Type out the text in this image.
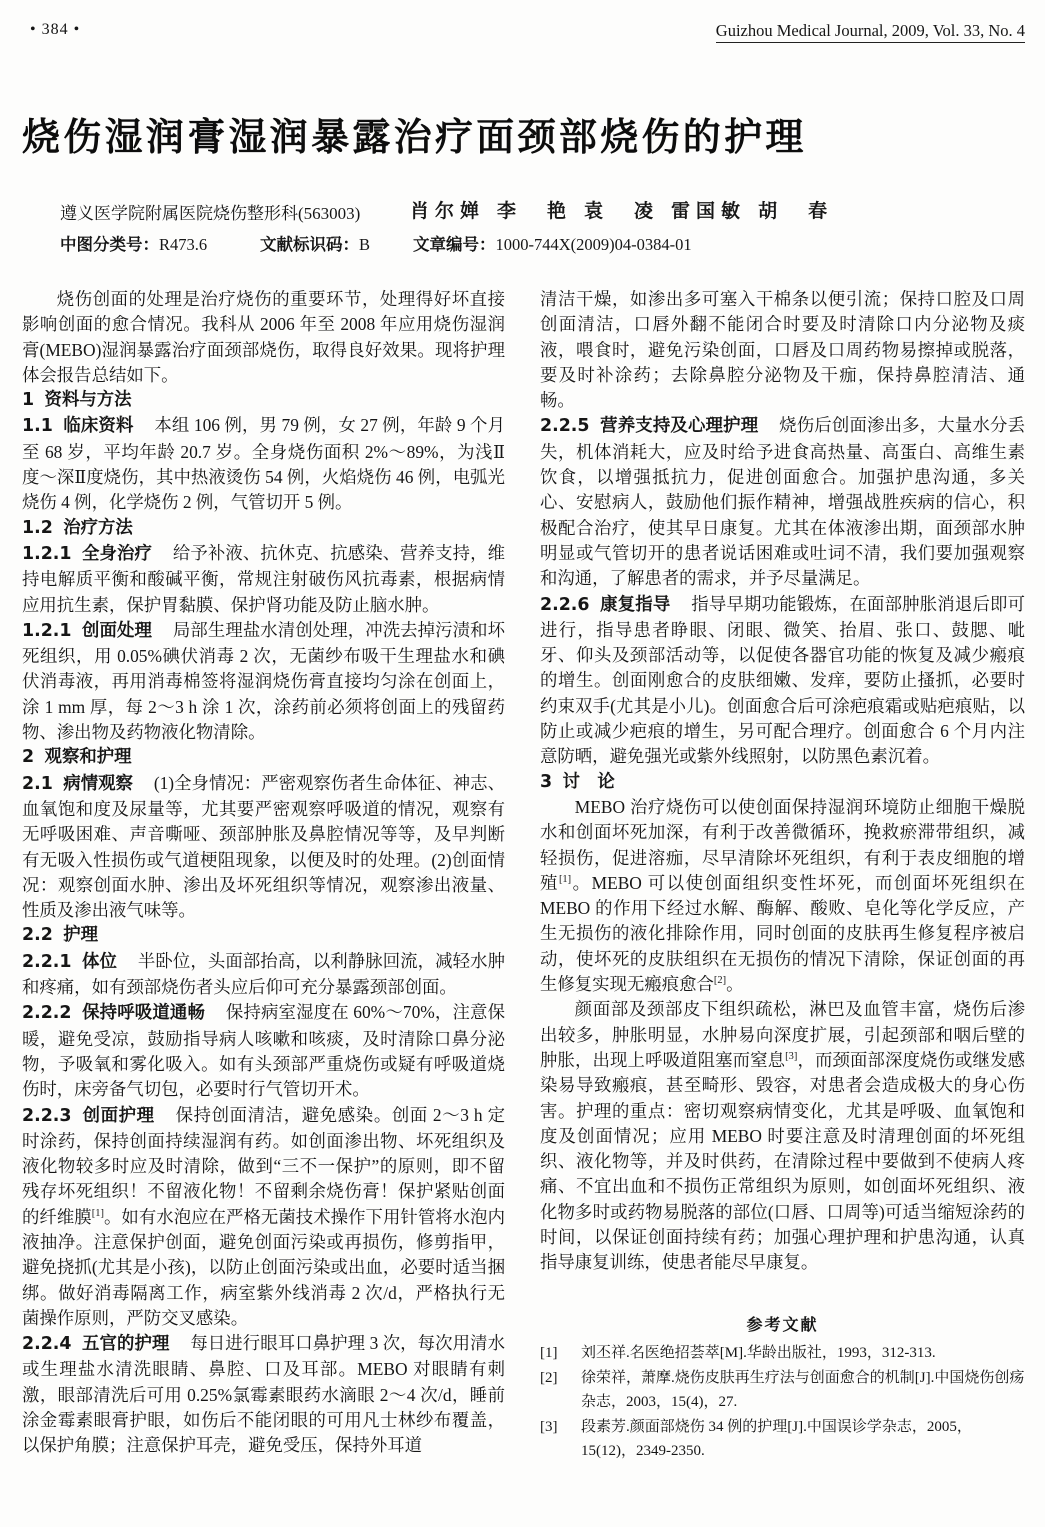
• 384 •	Guizhou Medical Journal, 2009, Vol. 33, No. 4
烧伤湿润膏湿润暴露治疗面颈部烧伤的护理
遵义医学院附属医院烧伤整形科(563003)	肖尔婵 李　艳 袁　凌 雷国敏 胡　春
中图分类号：R473.6	文献标识码：B	文章编号：1000-744X(2009)04-0384-01

烧伤创面的处理是治疗烧伤的重要环节，处理得好坏直接影响创面的愈合情况。我科从 2006 年至 2008 年应用烧伤湿润膏(MEBO)湿润暴露治疗面颈部烧伤，取得良好效果。现将护理体会报告总结如下。

1 资料与方法

1.1 临床资料 本组 106 例，男 79 例，女 27 例，年龄 9 个月至 68 岁，平均年龄 20.7 岁。全身烧伤面积 2%～89%，为浅Ⅱ度～深Ⅱ度烧伤，其中热液烫伤 54 例，火焰烧伤 46 例，电弧光烧伤 4 例，化学烧伤 2 例，气管切开 5 例。

1.2 治疗方法

1.2.1 全身治疗 给予补液、抗休克、抗感染、营养支持，维持电解质平衡和酸碱平衡，常规注射破伤风抗毒素，根据病情应用抗生素，保护胃黏膜、保护肾功能及防止脑水肿。

1.2.1 创面处理 局部生理盐水清创处理，冲洗去掉污渍和坏死组织，用 0.05%碘伏消毒 2 次，无菌纱布吸干生理盐水和碘伏消毒液，再用消毒棉签将湿润烧伤膏直接均匀涂在创面上，涂 1 mm 厚，每 2～3 h 涂 1 次，涂药前必须将创面上的残留药物、渗出物及药物液化物清除。

2 观察和护理

2.1 病情观察 (1)全身情况：严密观察伤者生命体征、神志、血氧饱和度及尿量等，尤其要严密观察呼吸道的情况，观察有无呼吸困难、声音嘶哑、颈部肿胀及鼻腔情况等等，及早判断有无吸入性损伤或气道梗阻现象，以便及时的处理。(2)创面情况：观察创面水肿、渗出及坏死组织等情况，观察渗出液量、性质及渗出液气味等。

2.2 护理

2.2.1 体位 半卧位，头面部抬高，以利静脉回流，减轻水肿和疼痛，如有颈部烧伤者头应后仰可充分暴露颈部创面。

2.2.2 保持呼吸道通畅 保持病室湿度在 60%～70%，注意保暖，避免受凉，鼓励指导病人咳嗽和咳痰，及时清除口鼻分泌物，予吸氧和雾化吸入。如有头颈部严重烧伤或疑有呼吸道烧伤时，床旁备气切包，必要时行气管切开术。

2.2.3 创面护理 保持创面清洁，避免感染。创面 2～3 h 定时涂药，保持创面持续湿润有药。如创面渗出物、坏死组织及液化物较多时应及时清除，做到“三不一保护”的原则，即不留残存坏死组织！不留液化物！不留剩余烧伤膏！保护紧贴创面的纤维膜[1]。如有水泡应在严格无菌技术操作下用针管将水泡内液抽净。注意保护创面，避免创面污染或再损伤，修剪指甲，避免挠抓(尤其是小孩)，以防止创面污染或出血，必要时适当捆绑。做好消毒隔离工作，病室紫外线消毒 2 次/d，严格执行无菌操作原则，严防交叉感染。

2.2.4 五官的护理 每日进行眼耳口鼻护理 3 次，每次用清水或生理盐水清洗眼睛、鼻腔、口及耳部。MEBO 对眼睛有刺激，眼部清洗后可用 0.25%氯霉素眼药水滴眼 2～4 次/d，睡前涂金霉素眼膏护眼，如伤后不能闭眼的可用凡士林纱布覆盖，以保护角膜；注意保护耳壳，避免受压，保持外耳道

清洁干燥，如渗出多可塞入干棉条以便引流；保持口腔及口周创面清洁，口唇外翻不能闭合时要及时清除口内分泌物及痰液，喂食时，避免污染创面，口唇及口周药物易擦掉或脱落，要及时补涂药；去除鼻腔分泌物及干痂，保持鼻腔清洁、通畅。

2.2.5 营养支持及心理护理 烧伤后创面渗出多，大量水分丢失，机体消耗大，应及时给予进食高热量、高蛋白、高维生素饮食，以增强抵抗力，促进创面愈合。加强护患沟通，多关心、安慰病人，鼓励他们振作精神，增强战胜疾病的信心，积极配合治疗，使其早日康复。尤其在体液渗出期，面颈部水肿明显或气管切开的患者说话困难或吐词不清，我们要加强观察和沟通，了解患者的需求，并予尽量满足。

2.2.6 康复指导 指导早期功能锻炼，在面部肿胀消退后即可进行，指导患者睁眼、闭眼、微笑、抬眉、张口、鼓腮、呲牙、仰头及颈部活动等，以促使各器官功能的恢复及减少瘢痕的增生。创面刚愈合的皮肤细嫩、发痒，要防止搔抓，必要时约束双手(尤其是小儿)。创面愈合后可涂疤痕霜或贴疤痕贴，以防止或减少疤痕的增生，另可配合理疗。创面愈合 6 个月内注意防晒，避免强光或紫外线照射，以防黑色素沉着。

3 讨　论

MEBO 治疗烧伤可以使创面保持湿润环境防止细胞干燥脱水和创面坏死加深，有利于改善微循环，挽救瘀滞带组织，减轻损伤，促进溶痂，尽早清除坏死组织，有利于表皮细胞的增殖[1]。MEBO 可以使创面组织变性坏死，而创面坏死组织在 MEBO 的作用下经过水解、酶解、酸败、皂化等化学反应，产生无损伤的液化排除作用，同时创面的皮肤再生修复程序被启动，使坏死的皮肤组织在无损伤的情况下清除，保证创面的再生修复实现无瘢痕愈合[2]。

颜面部及颈部皮下组织疏松，淋巴及血管丰富，烧伤后渗出较多，肿胀明显，水肿易向深度扩展，引起颈部和咽后壁的肿胀，出现上呼吸道阻塞而窒息[3]，而颈面部深度烧伤或继发感染易导致瘢痕，甚至畸形、毁容，对患者会造成极大的身心伤害。护理的重点：密切观察病情变化，尤其是呼吸、血氧饱和度及创面情况；应用 MEBO 时要注意及时清理创面的坏死组织、液化物等，并及时供药，在清除过程中要做到不使病人疼痛、不宜出血和不损伤正常组织为原则，如创面坏死组织、液化物多时或药物易脱落的部位(口唇、口周等)可适当缩短涂药的时间，以保证创面持续有药；加强心理护理和护患沟通，认真指导康复训练，使患者能尽早康复。

参考文献

[1] 刘丕祥.名医绝招荟萃[M].华龄出版社，1993，312-313.

[2] 徐荣祥，萧摩.烧伤皮肤再生疗法与创面愈合的机制[J].中国烧伤创疡杂志，2003，15(4)，27.

[3] 段素芳.颜面部烧伤 34 例的护理[J].中国误诊学杂志，2005，15(12)，2349-2350.
